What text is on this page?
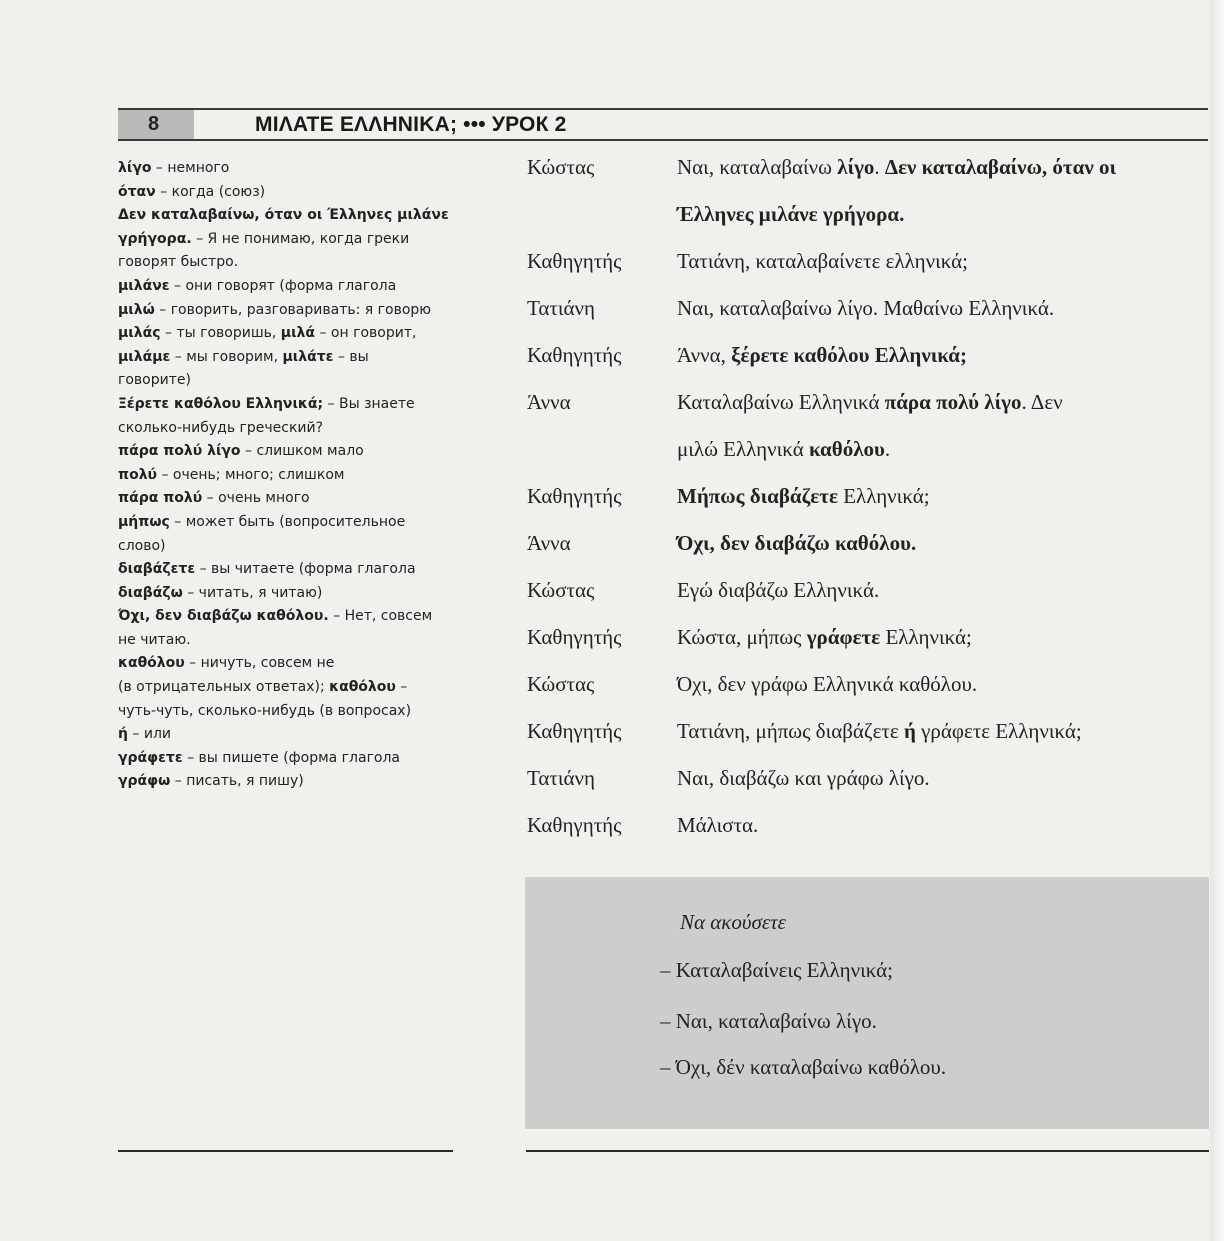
8	ΜΙΛΑΤΕ ΕΛΛΗΝΙΚΑ; ••• УРОК 2
λίγο – немного
όταν – когда (союз)
Δεν καταλαβαίνω, όταν οι Έλληνες μιλάνε
γρήγορα. – Я не понимаю, когда греки
говорят быстро.
μιλάνε – они говорят (форма глагола
μιλώ – говорить, разговаривать: я говорю
μιλάς – ты говоришь, μιλά – он говорит,
μιλάμε – мы говорим, μιλάτε – вы
говорите)
Ξέρετε καθόλου Ελληνικά; – Вы знаете
сколько-нибудь греческий?
πάρα πολύ λίγο – слишком мало
πολύ – очень; много; слишком
πάρα πολύ – очень много
μήπως – может быть (вопросительное
слово)
διαβάζετε – вы читаете (форма глагола
διαβάζω – читать, я читаю)
Όχι, δεν διαβάζω καθόλου. – Нет, совсем
не читаю.
καθόλου – ничуть, совсем не
(в отрицательных ответах); καθόλου –
чуть-чуть, сколько-нибудь (в вопросах)
ή – или
γράφετε – вы пишете (форма глагола
γράφω – писать, я пишу)
Κώστας	Ναι, καταλαβαίνω λίγο. Δεν καταλαβαίνω, όταν οι
Έλληνες μιλάνε γρήγορα.
Καθηγητής	Τατιάνη, καταλαβαίνετε ελληνικά;
Τατιάνη	Ναι, καταλαβαίνω λίγο. Μαθαίνω Ελληνικά.
Καθηγητής	Άννα, ξέρετε καθόλου Ελληνικά;
Άννα	Καταλαβαίνω Ελληνικά πάρα πολύ λίγο. Δεν
μιλώ Ελληνικά καθόλου.
Καθηγητής	Μήπως διαβάζετε Ελληνικά;
Άννα	Όχι, δεν διαβάζω καθόλου.
Κώστας	Εγώ διαβάζω Ελληνικά.
Καθηγητής	Κώστα, μήπως γράφετε Ελληνικά;
Κώστας	Όχι, δεν γράφω Ελληνικά καθόλου.
Καθηγητής	Τατιάνη, μήπως διαβάζετε ή γράφετε Ελληνικά;
Τατιάνη	Ναι, διαβάζω και γράφω λίγο.
Καθηγητής	Μάλιστα.
Να ακούσετε
– Καταλαβαίνεις Ελληνικά;
– Ναι, καταλαβαίνω λίγο.
– Όχι, δέν καταλαβαίνω καθόλου.
